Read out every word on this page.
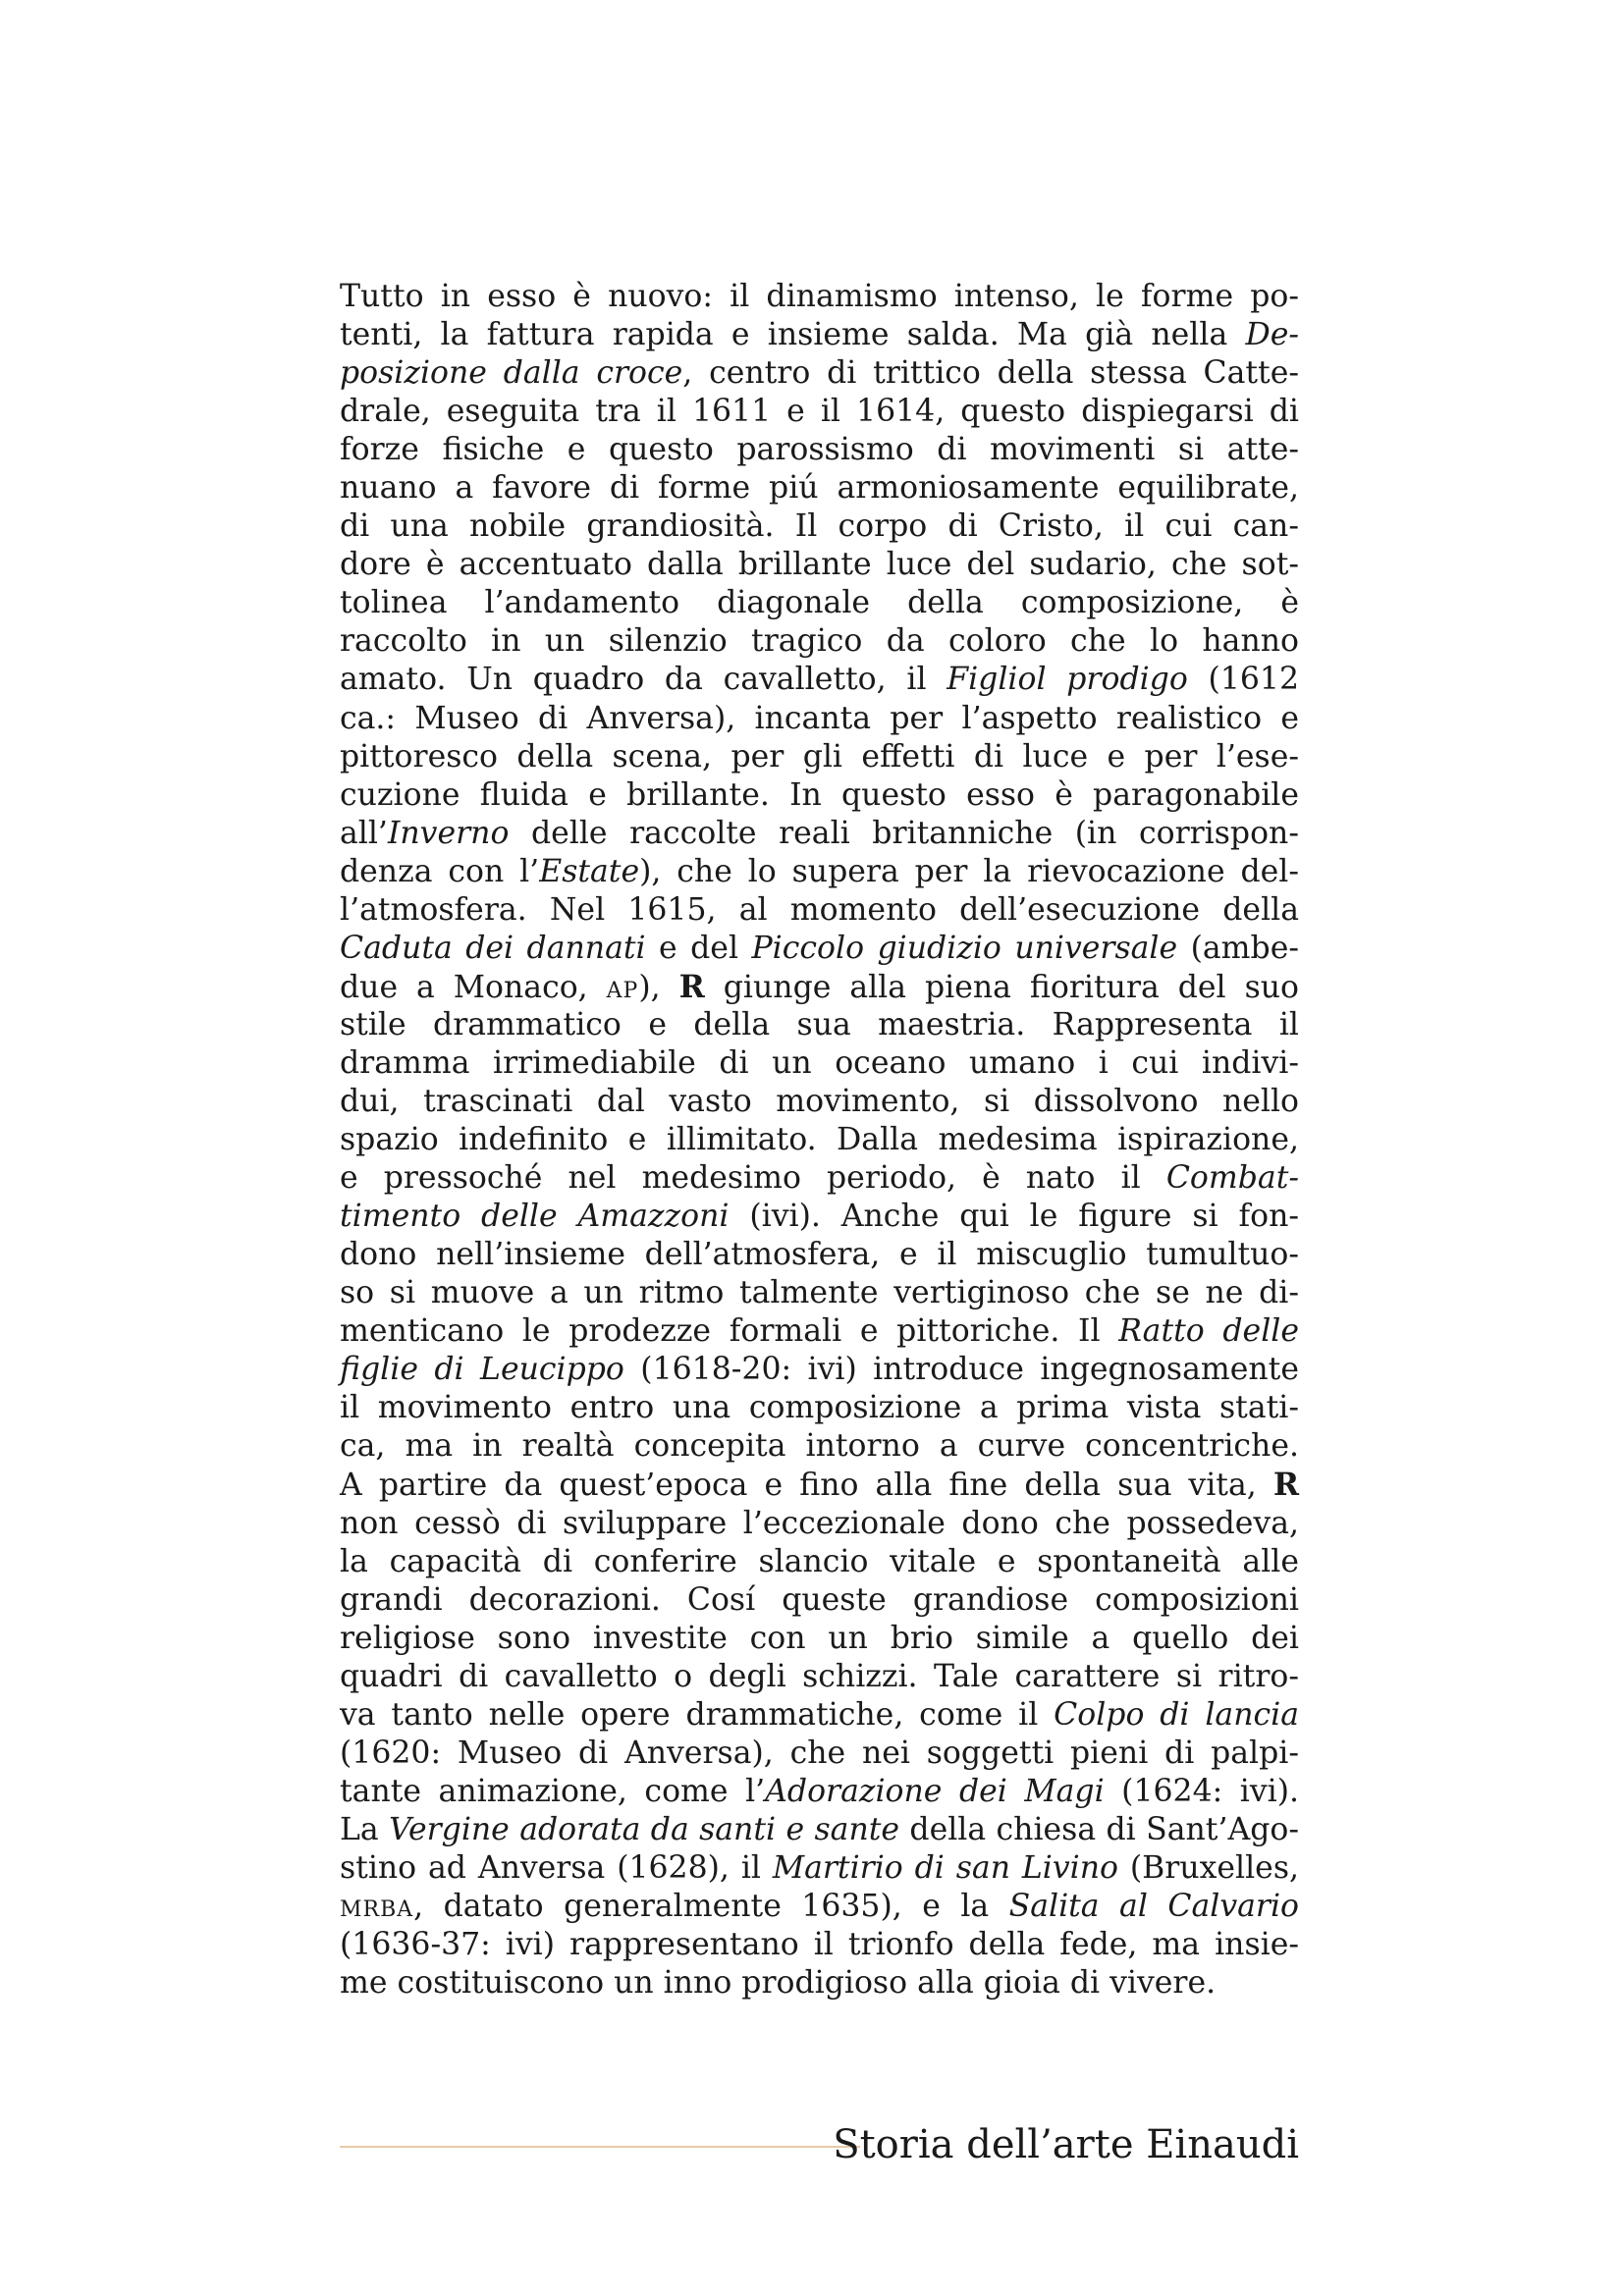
Tutto in esso è nuovo: il dinamismo intenso, le forme po-
tenti, la fattura rapida e insieme salda. Ma già nella De-
posizione dalla croce, centro di trittico della stessa Catte-
drale, eseguita tra il 1611 e il 1614, questo dispiegarsi di
forze fisiche e questo parossismo di movimenti si atte-
nuano a favore di forme piú armoniosamente equilibrate,
di una nobile grandiosità. Il corpo di Cristo, il cui can-
dore è accentuato dalla brillante luce del sudario, che sot-
tolinea l’andamento diagonale della composizione, è
raccolto in un silenzio tragico da coloro che lo hanno
amato. Un quadro da cavalletto, il Figliol prodigo (1612
ca.: Museo di Anversa), incanta per l’aspetto realistico e
pittoresco della scena, per gli effetti di luce e per l’ese-
cuzione fluida e brillante. In questo esso è paragonabile
all’Inverno delle raccolte reali britanniche (in corrispon-
denza con l’Estate), che lo supera per la rievocazione del-
l’atmosfera. Nel 1615, al momento dell’esecuzione della
Caduta dei dannati e del Piccolo giudizio universale (ambe-
due a Monaco, ap), R giunge alla piena fioritura del suo
stile drammatico e della sua maestria. Rappresenta il
dramma irrimediabile di un oceano umano i cui indivi-
dui, trascinati dal vasto movimento, si dissolvono nello
spazio indefinito e illimitato. Dalla medesima ispirazione,
e pressoché nel medesimo periodo, è nato il Combat-
timento delle Amazzoni (ivi). Anche qui le figure si fon-
dono nell’insieme dell’atmosfera, e il miscuglio tumultuo-
so si muove a un ritmo talmente vertiginoso che se ne di-
menticano le prodezze formali e pittoriche. Il Ratto delle
figlie di Leucippo (1618-20: ivi) introduce ingegnosamente
il movimento entro una composizione a prima vista stati-
ca, ma in realtà concepita intorno a curve concentriche.
A partire da quest’epoca e fino alla fine della sua vita, R
non cessò di sviluppare l’eccezionale dono che possedeva,
la capacità di conferire slancio vitale e spontaneità alle
grandi decorazioni. Cosí queste grandiose composizioni
religiose sono investite con un brio simile a quello dei
quadri di cavalletto o degli schizzi. Tale carattere si ritro-
va tanto nelle opere drammatiche, come il Colpo di lancia
(1620: Museo di Anversa), che nei soggetti pieni di palpi-
tante animazione, come l’Adorazione dei Magi (1624: ivi).
La Vergine adorata da santi e sante della chiesa di Sant’Ago-
stino ad Anversa (1628), il Martirio di san Livino (Bruxelles,
mrba, datato generalmente 1635), e la Salita al Calvario
(1636-37: ivi) rappresentano il trionfo della fede, ma insie-
me costituiscono un inno prodigioso alla gioia di vivere.
Storia dell’arte Einaudi
